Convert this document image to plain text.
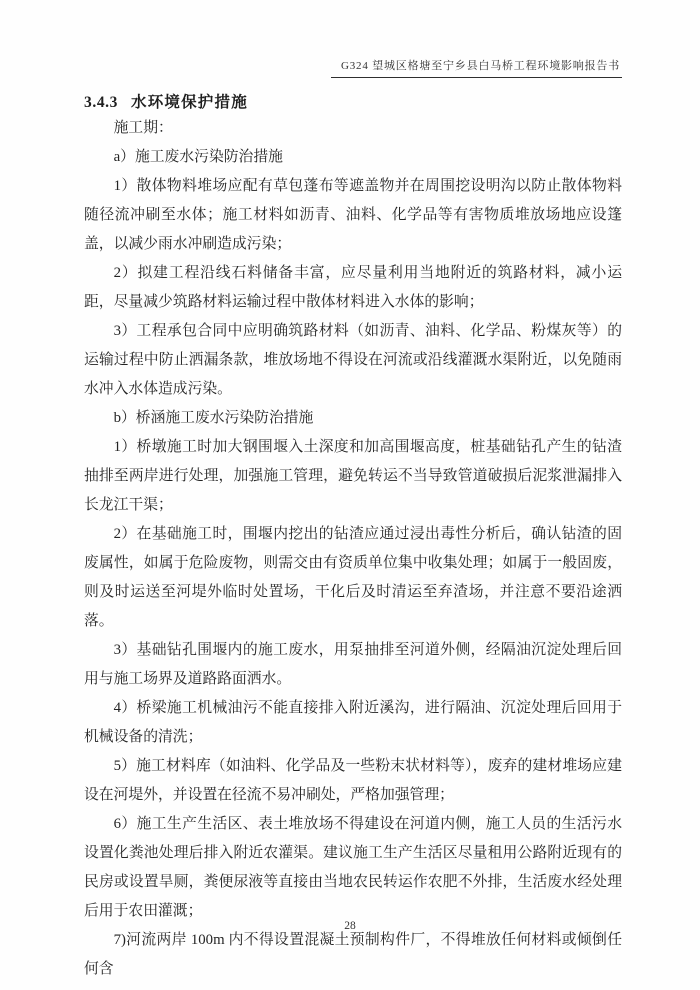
G324 望城区格塘至宁乡县白马桥工程环境影响报告书
3.4.3 水环境保护措施

施工期：

a）施工废水污染防治措施

1）散体物料堆场应配有草包蓬布等遮盖物并在周围挖设明沟以防止散体物料随径流冲刷至水体；施工材料如沥青、油料、化学品等有害物质堆放场地应设篷盖，以减少雨水冲刷造成污染；

2）拟建工程沿线石料储备丰富，应尽量利用当地附近的筑路材料，减小运距，尽量减少筑路材料运输过程中散体材料进入水体的影响；

3）工程承包合同中应明确筑路材料（如沥青、油料、化学品、粉煤灰等）的运输过程中防止洒漏条款，堆放场地不得设在河流或沿线灌溉水渠附近，以免随雨水冲入水体造成污染。

b）桥涵施工废水污染防治措施

1）桥墩施工时加大钢围堰入土深度和加高围堰高度，桩基础钻孔产生的钻渣抽排至两岸进行处理，加强施工管理，避免转运不当导致管道破损后泥浆泄漏排入长龙江干渠；

2）在基础施工时，围堰内挖出的钻渣应通过浸出毒性分析后，确认钻渣的固废属性，如属于危险废物，则需交由有资质单位集中收集处理；如属于一般固废，则及时运送至河堤外临时处置场，干化后及时清运至弃渣场，并注意不要沿途洒落。

3）基础钻孔围堰内的施工废水，用泵抽排至河道外侧，经隔油沉淀处理后回用与施工场界及道路路面洒水。

4）桥梁施工机械油污不能直接排入附近溪沟，进行隔油、沉淀处理后回用于机械设备的清洗；

5）施工材料库（如油料、化学品及一些粉末状材料等），废弃的建材堆场应建设在河堤外，并设置在径流不易冲刷处，严格加强管理；

6）施工生产生活区、表土堆放场不得建设在河道内侧，施工人员的生活污水设置化粪池处理后排入附近农灌渠。建议施工生产生活区尽量租用公路附近现有的民房或设置旱厕，粪便尿液等直接由当地农民转运作农肥不外排，生活废水经处理后用于农田灌溉；

7)河流两岸 100m 内不得设置混凝土预制构件厂，不得堆放任何材料或倾倒任何含

28
